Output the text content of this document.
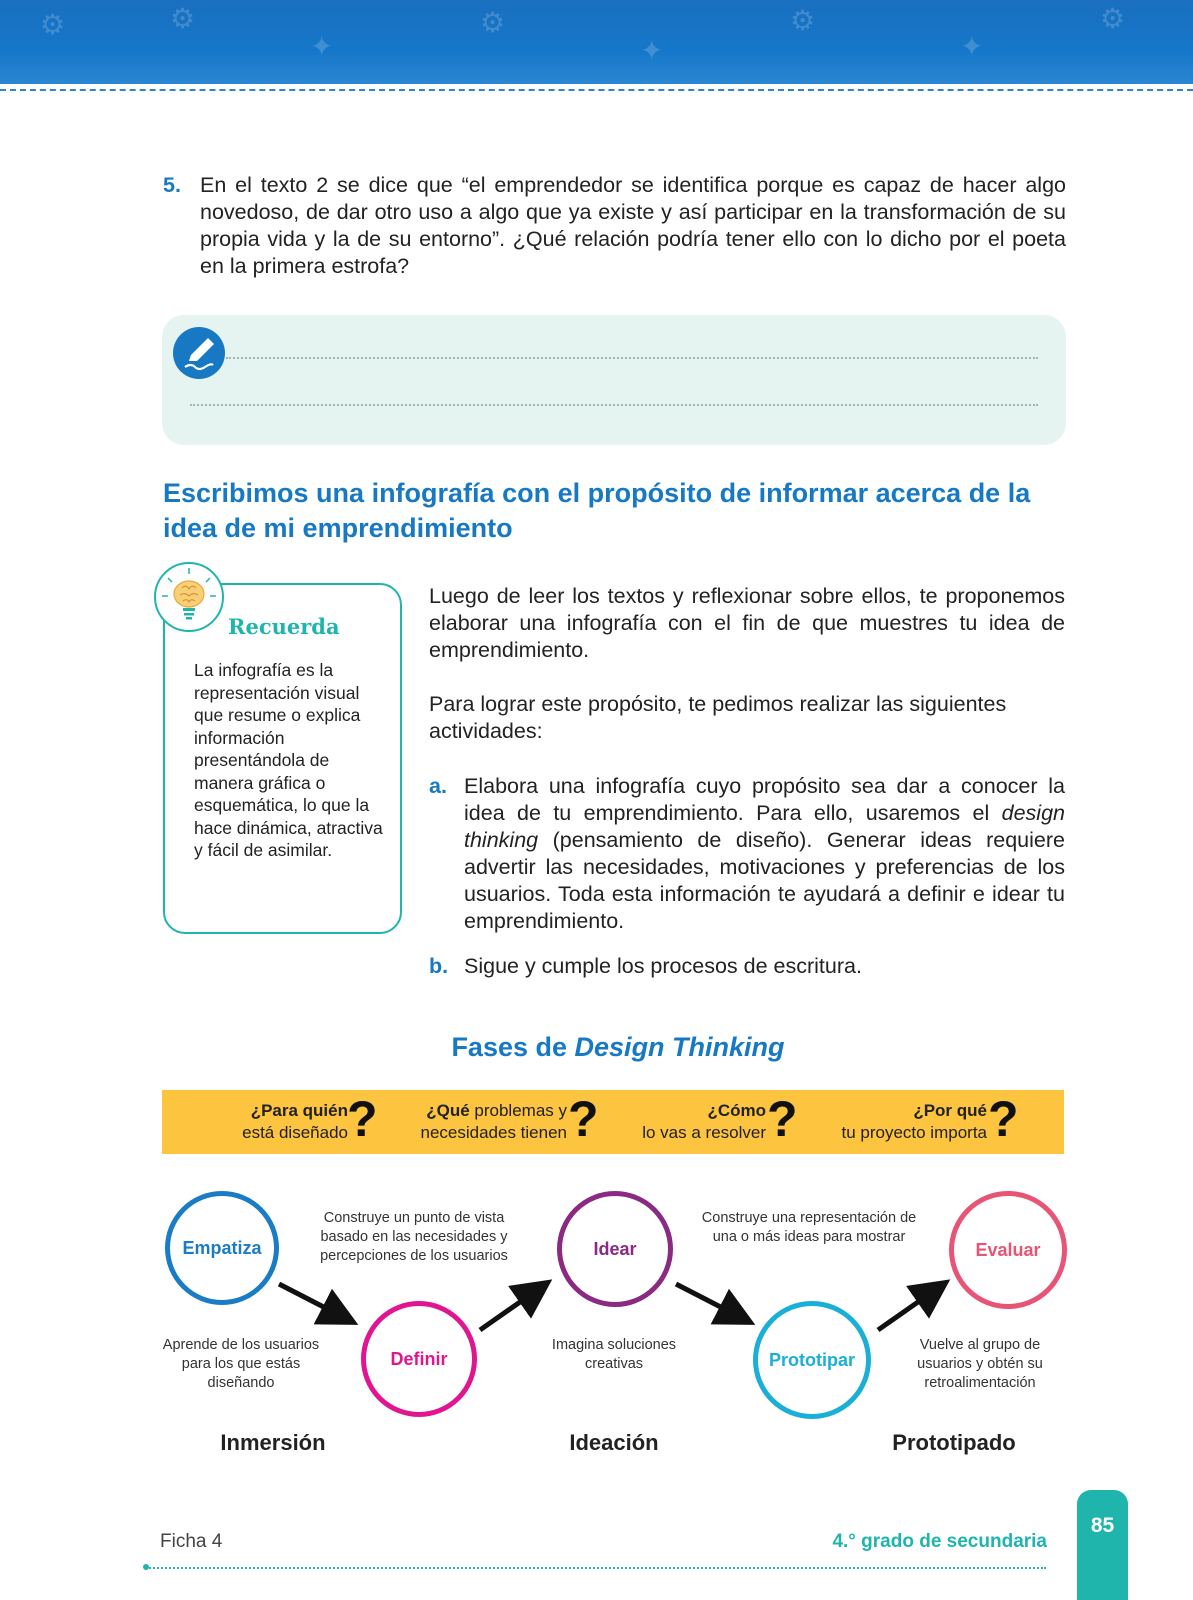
⚙	⚙
✦
⚙
✦
⚙
✦
⚙
5. En el texto 2 se dice que “el emprendedor se identifica porque es capaz de hacer algo novedoso, de dar otro uso a algo que ya existe y así participar en la transformación de su propia vida y la de su entorno”. ¿Qué relación podría tener ello con lo dicho por el poeta en la primera estrofa?
Escribimos una infografía con el propósito de informar acerca de la idea de mi emprendimiento
Recuerda
La infografía es la representación visual que resume o explica información presentándola de manera gráfica o esquemática, lo que la hace dinámica, atractiva y fácil de asimilar.
Luego de leer los textos y reflexionar sobre ellos, te proponemos elaborar una infografía con el fin de que muestres tu idea de emprendimiento.
Para lograr este propósito, te pedimos realizar las siguientes actividades:
a. Elabora una infografía cuyo propósito sea dar a conocer la idea de tu emprendimiento. Para ello, usaremos el design thinking (pensamiento de diseño). Generar ideas requiere advertir las necesidades, motivaciones y preferencias de los usuarios. Toda esta información te ayudará a definir e idear tu emprendimiento.
b. Sigue y cumple los procesos de escritura.
Fases de Design Thinking
¿Para quién
está diseñado ?	¿Qué problemas y
necesidades tienen ?	¿Cómo
lo vas a resolver ?	¿Por qué
tu proyecto importa ?
Empatiza
Definir
Idear
Prototipar
Evaluar
Aprende de los usuarios para los que estás diseñando
Construye un punto de vista basado en las necesidades y percepciones de los usuarios
Imagina soluciones creativas
Construye una representación de una o más ideas para mostrar
Vuelve al grupo de usuarios y obtén su retroalimentación
Inmersión	Ideación	Prototipado
Ficha 4	4.° grado de secundaria
85
